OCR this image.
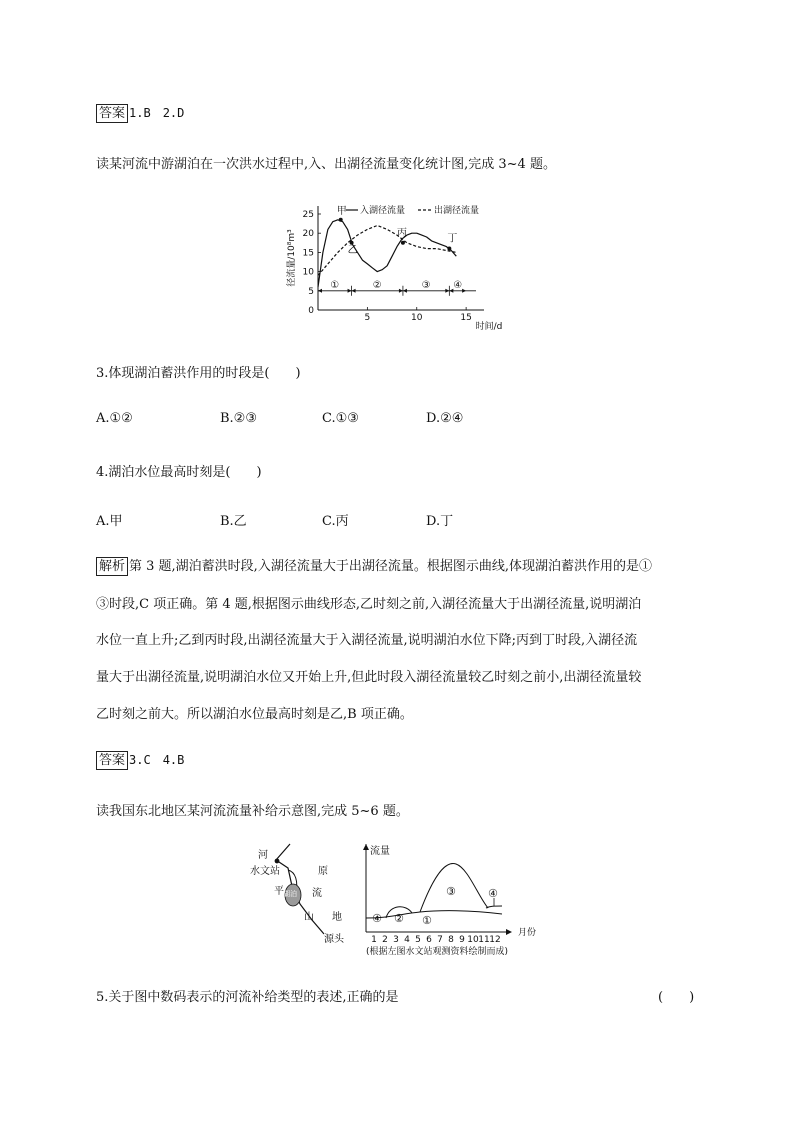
答案 1.B　2.D
读某河流中游湖泊在一次洪水过程中,入、出湖径流量变化统计图,完成 3~4 题。
0
5
10
15
20
25
5	10	15
甲
乙
丙
丁
①	②	③ ④
入湖径流量	出湖径流量
径流量/10⁸m³
时间/d
3.体现湖泊蓄洪作用的时段是(　　)
A.①②	B.②③	C.①③	D.②④
4.湖泊水位最高时刻是(　　)
A.甲	B.乙	C.丙	D.丁
解析 第 3 题,湖泊蓄洪时段,入湖径流量大于出湖径流量。根据图示曲线,体现湖泊蓄洪作用的是①
③时段,C 项正确。第 4 题,根据图示曲线形态,乙时刻之前,入湖径流量大于出湖径流量,说明湖泊
水位一直上升;乙到丙时段,出湖径流量大于入湖径流量,说明湖泊水位下降;丙到丁时段,入湖径流
量大于出湖径流量,说明湖泊水位又开始上升,但此时段入湖径流量较乙时刻之前小,出湖径流量较
乙时刻之前大。所以湖泊水位最高时刻是乙,B 项正确。
答案 3.C　4.B
读我国东北地区某河流流量补给示意图,完成 5~6 题。
河
水文站	原
平	流
湖泊
山 地
源头
流量
月份
④ ② ①
③	④
1 2 3 4 5 6 7 8 9 10 11 12
(根据左图水文站观测资料绘制而成)
5.关于图中数码表示的河流补给类型的表述,正确的是	(　　)
